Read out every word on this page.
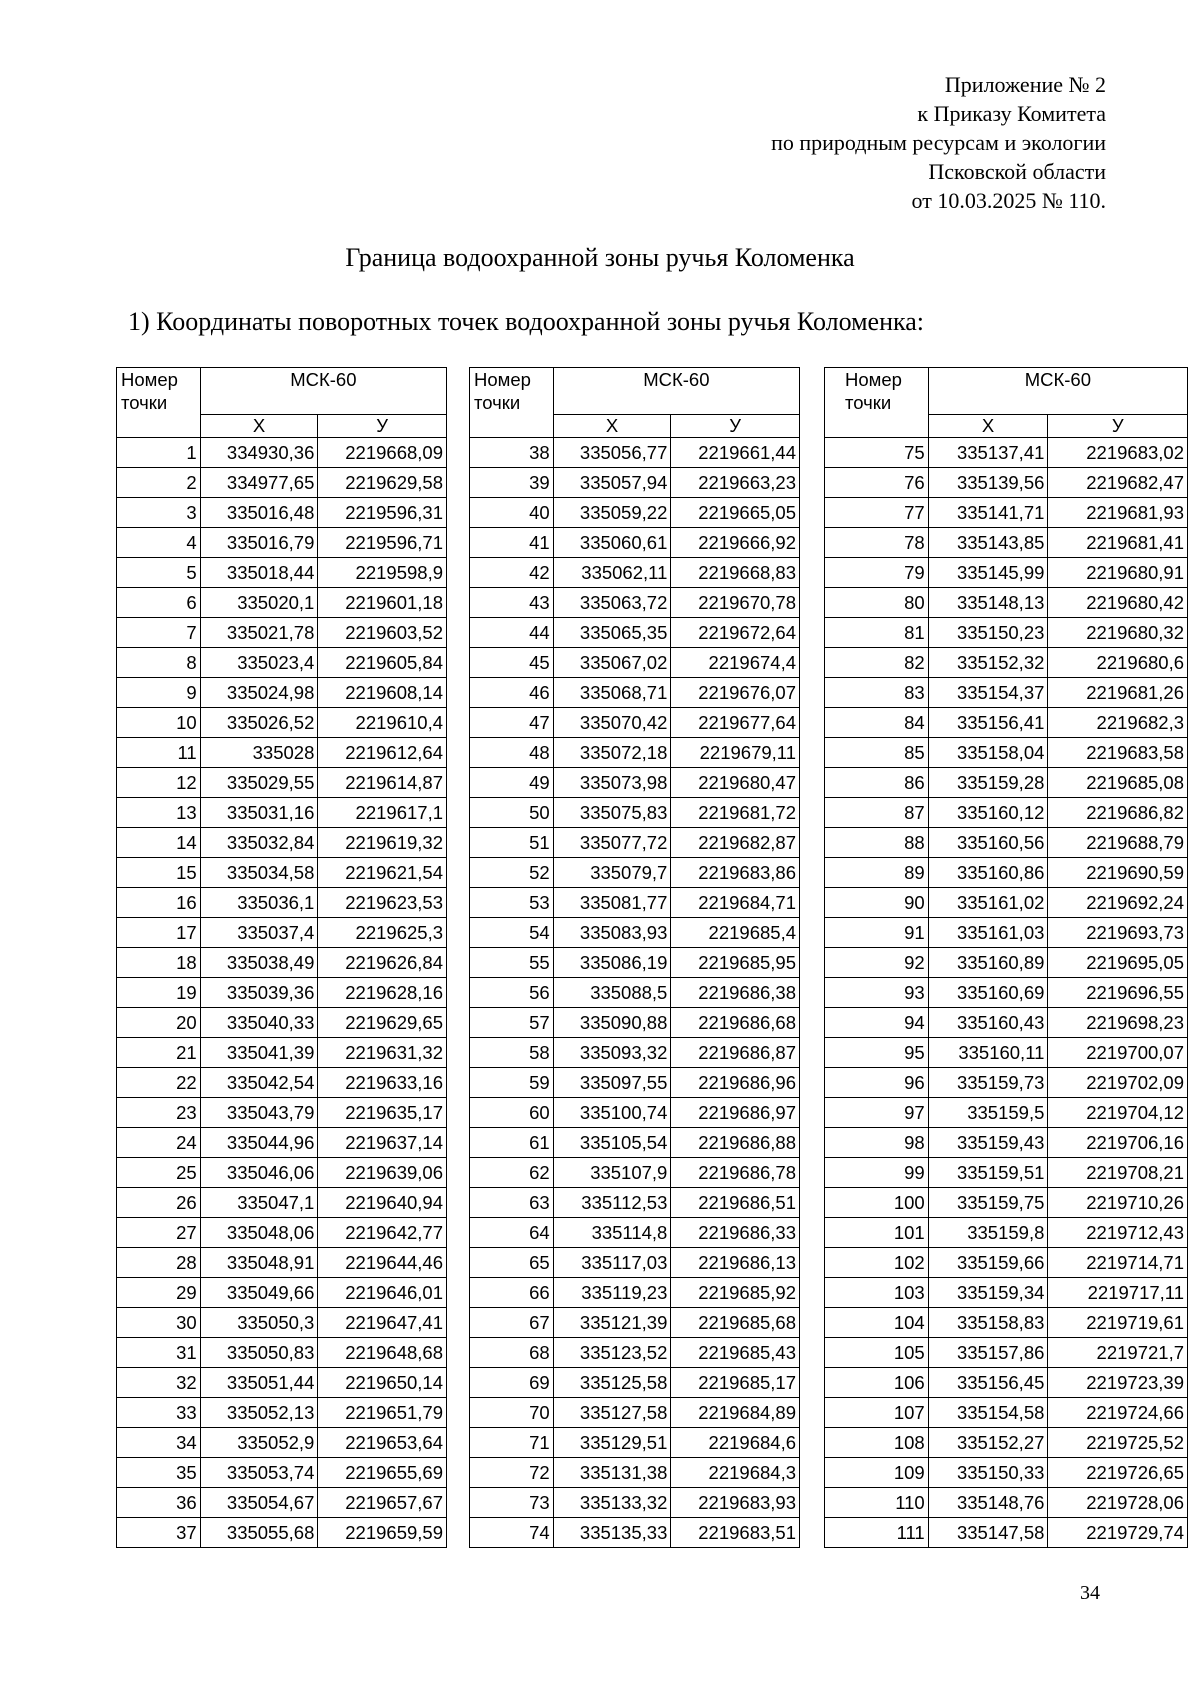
Приложение № 2
к Приказу Комитета
по природным ресурсам и экологии
Псковской области
от 10.03.2025 № 110.
Граница водоохранной зоны ручья Коломенка
1) Координаты поворотных точек водоохранной зоны ручья Коломенка:
Номер точки	МСК-60	
	Х	У
1	334930,36	2219668,09
2	334977,65	2219629,58
3	335016,48	2219596,31
4	335016,79	2219596,71
5	335018,44	2219598,9
6	335020,1	2219601,18
7	335021,78	2219603,52
8	335023,4	2219605,84
9	335024,98	2219608,14
10	335026,52	2219610,4
11	335028	2219612,64
12	335029,55	2219614,87
13	335031,16	2219617,1
14	335032,84	2219619,32
15	335034,58	2219621,54
16	335036,1	2219623,53
17	335037,4	2219625,3
18	335038,49	2219626,84
19	335039,36	2219628,16
20	335040,33	2219629,65
21	335041,39	2219631,32
22	335042,54	2219633,16
23	335043,79	2219635,17
24	335044,96	2219637,14
25	335046,06	2219639,06
26	335047,1	2219640,94
27	335048,06	2219642,77
28	335048,91	2219644,46
29	335049,66	2219646,01
30	335050,3	2219647,41
31	335050,83	2219648,68
32	335051,44	2219650,14
33	335052,13	2219651,79
34	335052,9	2219653,64
35	335053,74	2219655,69
36	335054,67	2219657,67
37	335055,68	2219659,59
Номер точки	МСК-60	
	Х	У
38	335056,77	2219661,44
39	335057,94	2219663,23
40	335059,22	2219665,05
41	335060,61	2219666,92
42	335062,11	2219668,83
43	335063,72	2219670,78
44	335065,35	2219672,64
45	335067,02	2219674,4
46	335068,71	2219676,07
47	335070,42	2219677,64
48	335072,18	2219679,11
49	335073,98	2219680,47
50	335075,83	2219681,72
51	335077,72	2219682,87
52	335079,7	2219683,86
53	335081,77	2219684,71
54	335083,93	2219685,4
55	335086,19	2219685,95
56	335088,5	2219686,38
57	335090,88	2219686,68
58	335093,32	2219686,87
59	335097,55	2219686,96
60	335100,74	2219686,97
61	335105,54	2219686,88
62	335107,9	2219686,78
63	335112,53	2219686,51
64	335114,8	2219686,33
65	335117,03	2219686,13
66	335119,23	2219685,92
67	335121,39	2219685,68
68	335123,52	2219685,43
69	335125,58	2219685,17
70	335127,58	2219684,89
71	335129,51	2219684,6
72	335131,38	2219684,3
73	335133,32	2219683,93
74	335135,33	2219683,51
Номер точки	МСК-60	
	Х	У
75	335137,41	2219683,02
76	335139,56	2219682,47
77	335141,71	2219681,93
78	335143,85	2219681,41
79	335145,99	2219680,91
80	335148,13	2219680,42
81	335150,23	2219680,32
82	335152,32	2219680,6
83	335154,37	2219681,26
84	335156,41	2219682,3
85	335158,04	2219683,58
86	335159,28	2219685,08
87	335160,12	2219686,82
88	335160,56	2219688,79
89	335160,86	2219690,59
90	335161,02	2219692,24
91	335161,03	2219693,73
92	335160,89	2219695,05
93	335160,69	2219696,55
94	335160,43	2219698,23
95	335160,11	2219700,07
96	335159,73	2219702,09
97	335159,5	2219704,12
98	335159,43	2219706,16
99	335159,51	2219708,21
100	335159,75	2219710,26
101	335159,8	2219712,43
102	335159,66	2219714,71
103	335159,34	2219717,11
104	335158,83	2219719,61
105	335157,86	2219721,7
106	335156,45	2219723,39
107	335154,58	2219724,66
108	335152,27	2219725,52
109	335150,33	2219726,65
110	335148,76	2219728,06
111	335147,58	2219729,74
34
